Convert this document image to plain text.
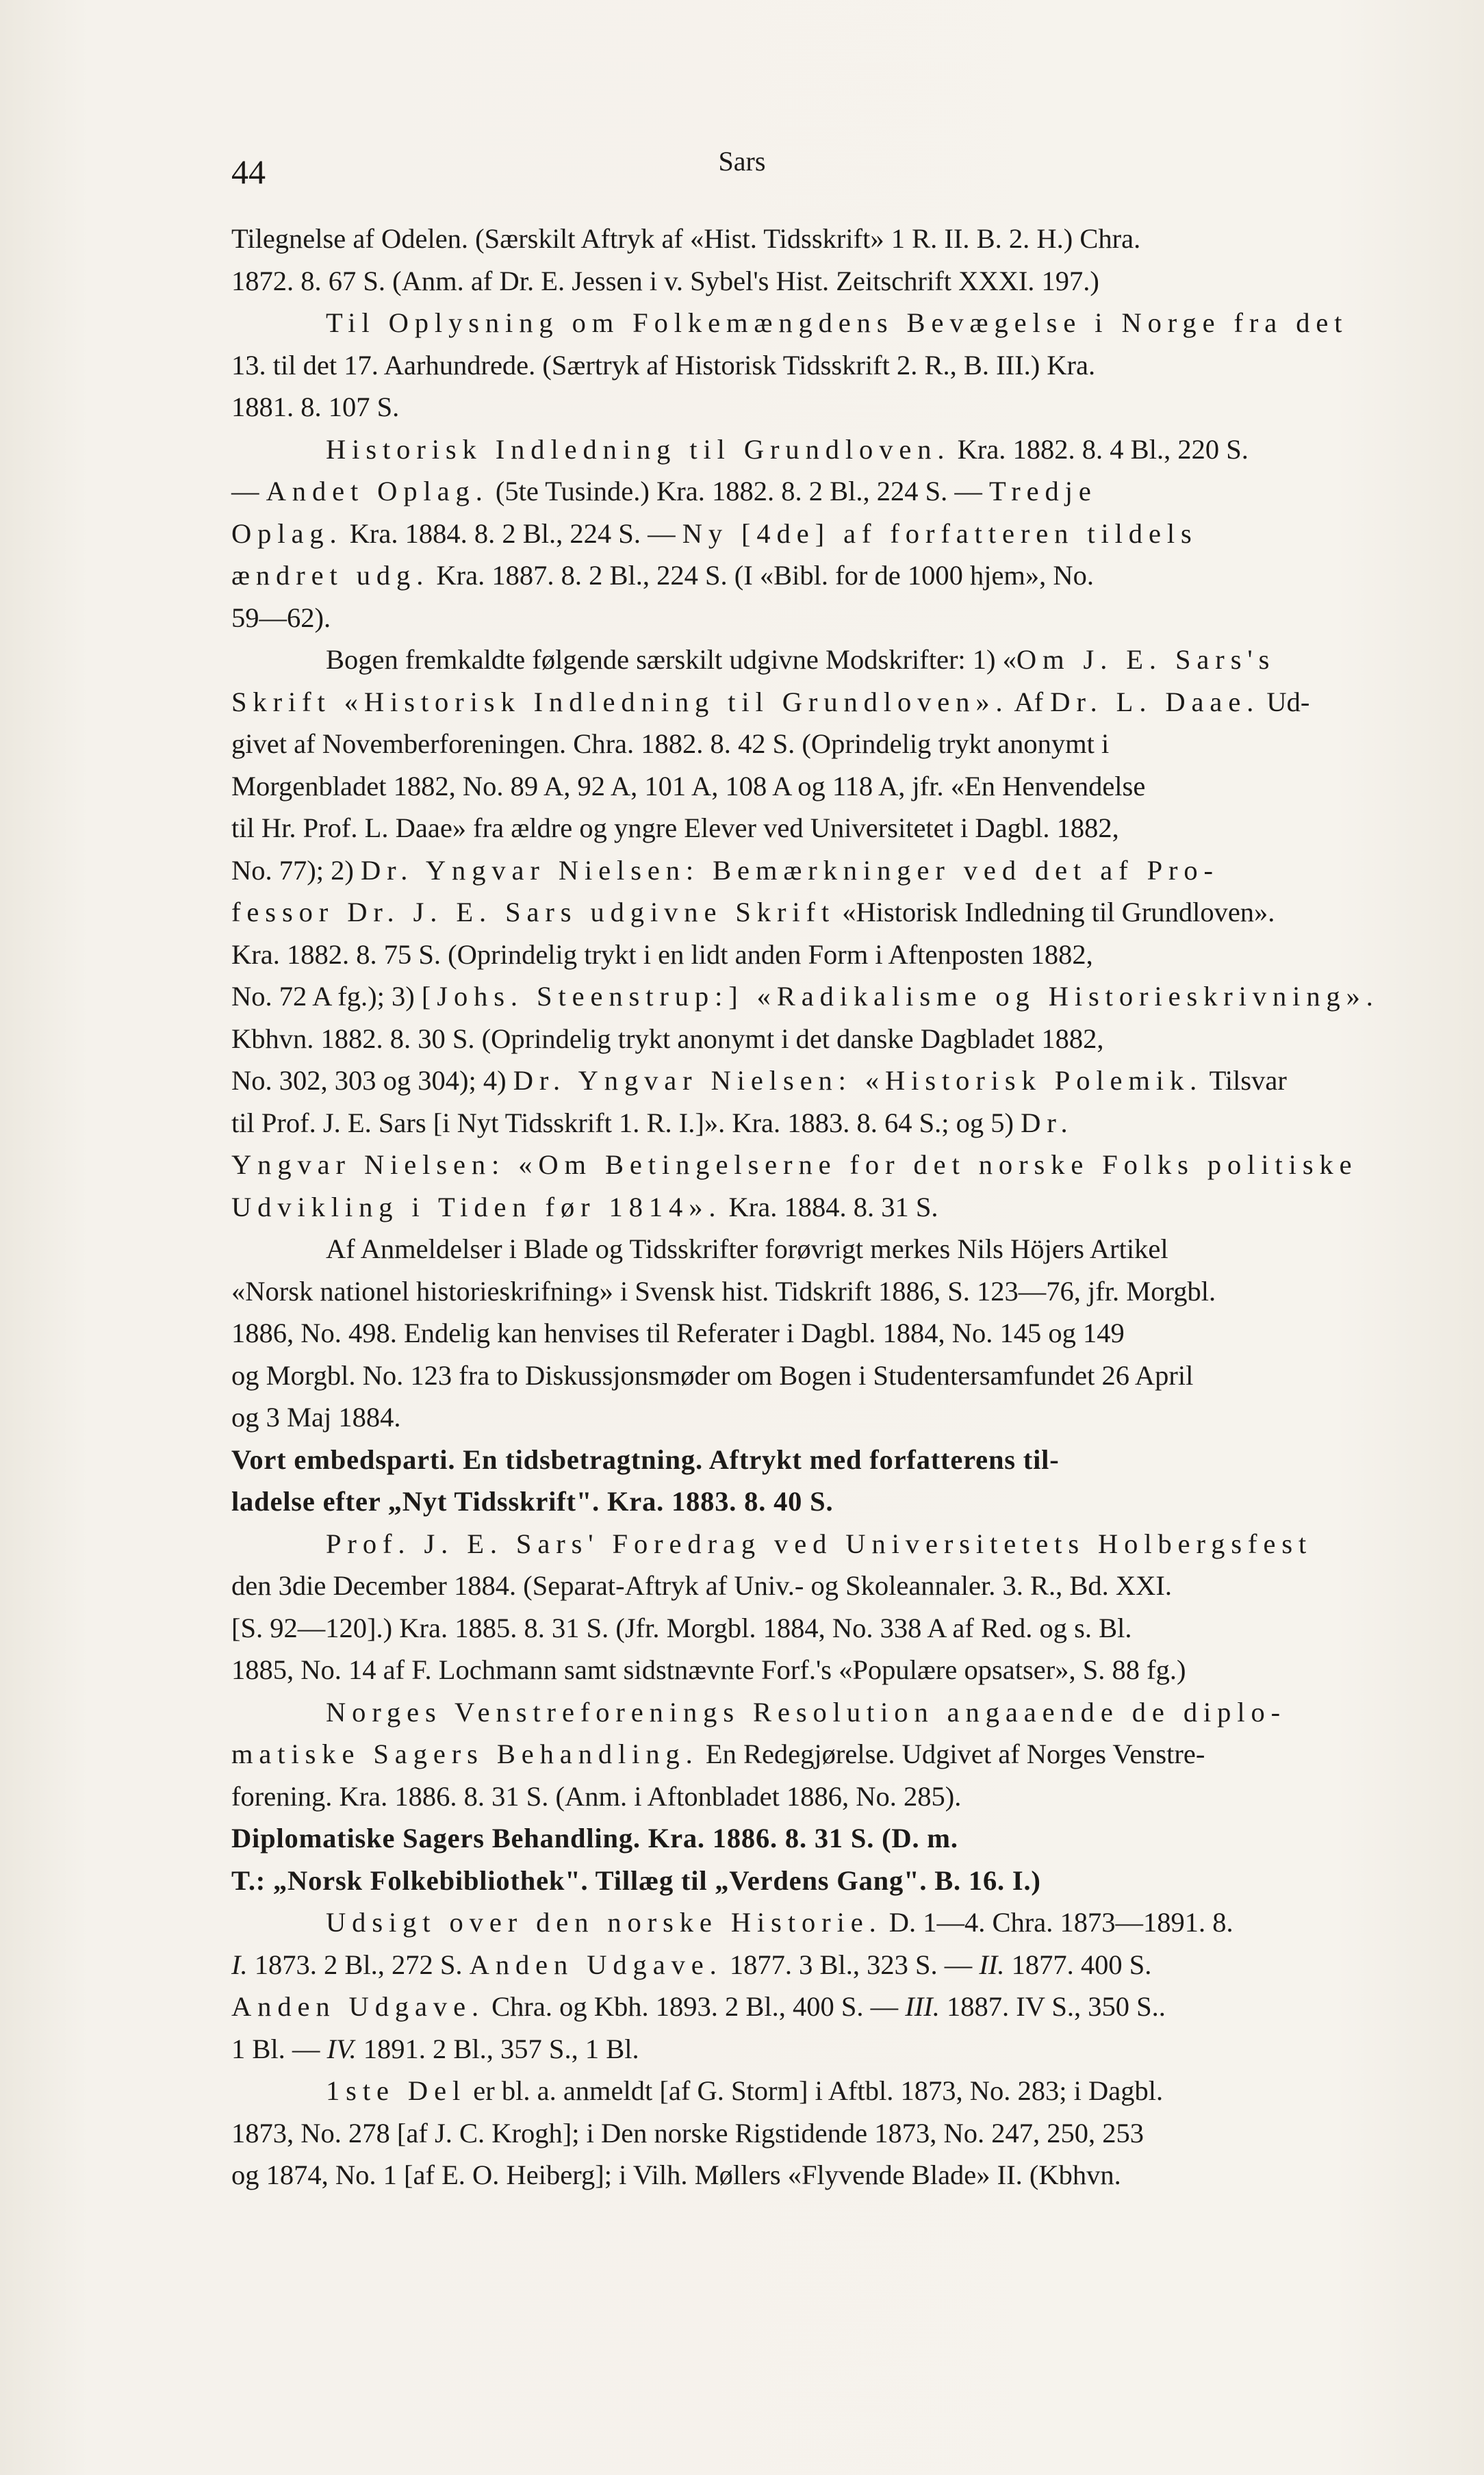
44	Sars
Tilegnelse af Odelen. (Særskilt Aftryk af «Hist. Tidsskrift» 1 R. II. B. 2. H.) Chra.
1872. 8. 67 S. (Anm. af Dr. E. Jessen i v. Sybel's Hist. Zeitschrift XXXI. 197.)
Til Oplysning om Folkemængdens Bevægelse i Norge fra det
13. til det 17. Aarhundrede. (Særtryk af Historisk Tidsskrift 2. R., B. III.) Kra.
1881. 8. 107 S.
Historisk Indledning til Grundloven. Kra. 1882. 8. 4 Bl., 220 S.
— Andet Oplag. (5te Tusinde.) Kra. 1882. 8. 2 Bl., 224 S. — Tredje
Oplag. Kra. 1884. 8. 2 Bl., 224 S. — Ny [4de] af forfatteren tildels
ændret udg. Kra. 1887. 8. 2 Bl., 224 S. (I «Bibl. for de 1000 hjem», No.
59—62).
Bogen fremkaldte følgende særskilt udgivne Modskrifter: 1) «Om J. E. Sars's
Skrift «Historisk Indledning til Grundloven». Af Dr. L. Daae. Ud-
givet af Novemberforeningen. Chra. 1882. 8. 42 S. (Oprindelig trykt anonymt i
Morgenbladet 1882, No. 89 A, 92 A, 101 A, 108 A og 118 A, jfr. «En Henvendelse
til Hr. Prof. L. Daae» fra ældre og yngre Elever ved Universitetet i Dagbl. 1882,
No. 77); 2) Dr. Yngvar Nielsen: Bemærkninger ved det af Pro-
fessor Dr. J. E. Sars udgivne Skrift «Historisk Indledning til Grundloven».
Kra. 1882. 8. 75 S. (Oprindelig trykt i en lidt anden Form i Aftenposten 1882,
No. 72 A fg.); 3) [Johs. Steenstrup:] «Radikalisme og Historieskrivning».
Kbhvn. 1882. 8. 30 S. (Oprindelig trykt anonymt i det danske Dagbladet 1882,
No. 302, 303 og 304); 4) Dr. Yngvar Nielsen: «Historisk Polemik. Tilsvar
til Prof. J. E. Sars [i Nyt Tidsskrift 1. R. I.]». Kra. 1883. 8. 64 S.; og 5) Dr.
Yngvar Nielsen: «Om Betingelserne for det norske Folks politiske
Udvikling i Tiden før 1814». Kra. 1884. 8. 31 S.
Af Anmeldelser i Blade og Tidsskrifter forøvrigt merkes Nils Höjers Artikel
«Norsk nationel historieskrifning» i Svensk hist. Tidskrift 1886, S. 123—76, jfr. Morgbl.
1886, No. 498. Endelig kan henvises til Referater i Dagbl. 1884, No. 145 og 149
og Morgbl. No. 123 fra to Diskussjonsmøder om Bogen i Studentersamfundet 26 April
og 3 Maj 1884.
Vort embedsparti. En tidsbetragtning. Aftrykt med forfatterens til-
ladelse efter „Nyt Tidsskrift". Kra. 1883. 8. 40 S.
Prof. J. E. Sars' Foredrag ved Universitetets Holbergsfest
den 3die December 1884. (Separat-Aftryk af Univ.- og Skoleannaler. 3. R., Bd. XXI.
[S. 92—120].) Kra. 1885. 8. 31 S. (Jfr. Morgbl. 1884, No. 338 A af Red. og s. Bl.
1885, No. 14 af F. Lochmann samt sidstnævnte Forf.'s «Populære opsatser», S. 88 fg.)
Norges Venstreforenings Resolution angaaende de diplo-
matiske Sagers Behandling. En Redegjørelse. Udgivet af Norges Venstre-
forening. Kra. 1886. 8. 31 S. (Anm. i Aftonbladet 1886, No. 285).
Diplomatiske Sagers Behandling. Kra. 1886. 8. 31 S. (D. m.
T.: „Norsk Folkebibliothek". Tillæg til „Verdens Gang". B. 16. I.)
Udsigt over den norske Historie. D. 1—4. Chra. 1873—1891. 8.
I. 1873. 2 Bl., 272 S. Anden Udgave. 1877. 3 Bl., 323 S. — II. 1877. 400 S.
Anden Udgave. Chra. og Kbh. 1893. 2 Bl., 400 S. — III. 1887. IV S., 350 S..
1 Bl. — IV. 1891. 2 Bl., 357 S., 1 Bl.
1ste Del er bl. a. anmeldt [af G. Storm] i Aftbl. 1873, No. 283; i Dagbl.
1873, No. 278 [af J. C. Krogh]; i Den norske Rigstidende 1873, No. 247, 250, 253
og 1874, No. 1 [af E. O. Heiberg]; i Vilh. Møllers «Flyvende Blade» II. (Kbhvn.
